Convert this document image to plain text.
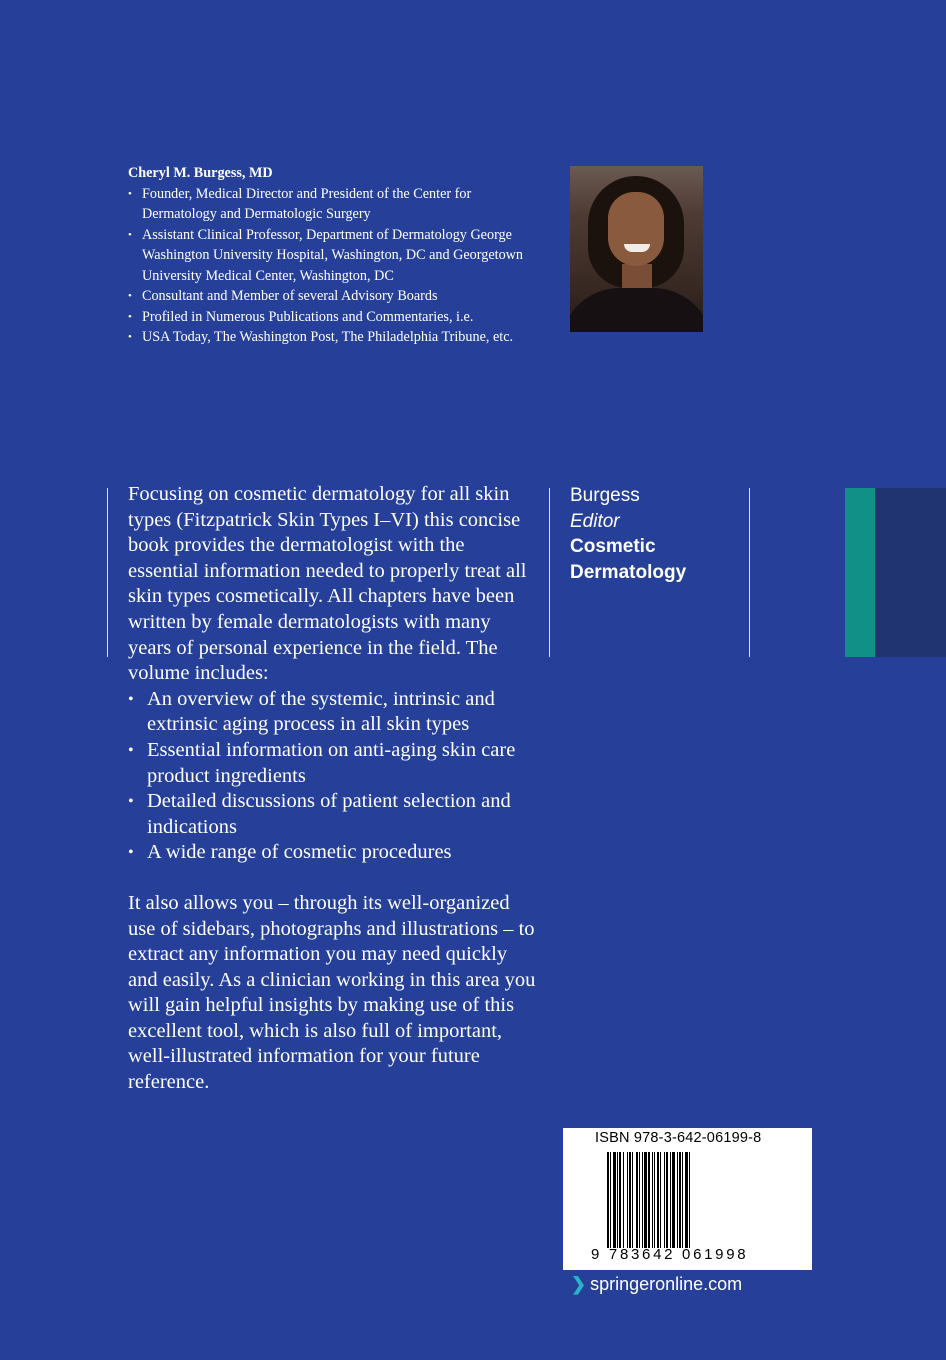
Cheryl M. Burgess, MD
• Founder, Medical Director and President of the Center for Dermatology and Dermatologic Surgery
• Assistant Clinical Professor, Department of Dermatology George Washington University Hospital, Washington, DC and Georgetown University Medical Center, Washington, DC
• Consultant and Member of several Advisory Boards
• Profiled in Numerous Publications and Commentaries, i.e.
• USA Today, The Washington Post, The Philadelphia Tribune, etc.

Focusing on cosmetic dermatology for all skin types (Fitzpatrick Skin Types I–VI) this concise book provides the dermatologist with the essential information needed to properly treat all skin types cosmetically. All chapters have been written by female dermatologists with many years of personal experience in the field. The volume includes:

• An overview of the systemic, intrinsic and extrinsic aging process in all skin types
• Essential information on anti-aging skin care product ingredients
• Detailed discussions of patient selection and indications
• A wide range of cosmetic procedures

It also allows you – through its well-organized use of sidebars, photographs and illustrations – to extract any information you may need quickly and easily. As a clinician working in this area you will gain helpful insights by making use of this excellent tool, which is also full of important, well-illustrated information for your future reference.

Burgess
Editor
Cosmetic
Dermatology
ISBN 978-3-642-06199-8
9 783642 061998
❯ springeronline.com
